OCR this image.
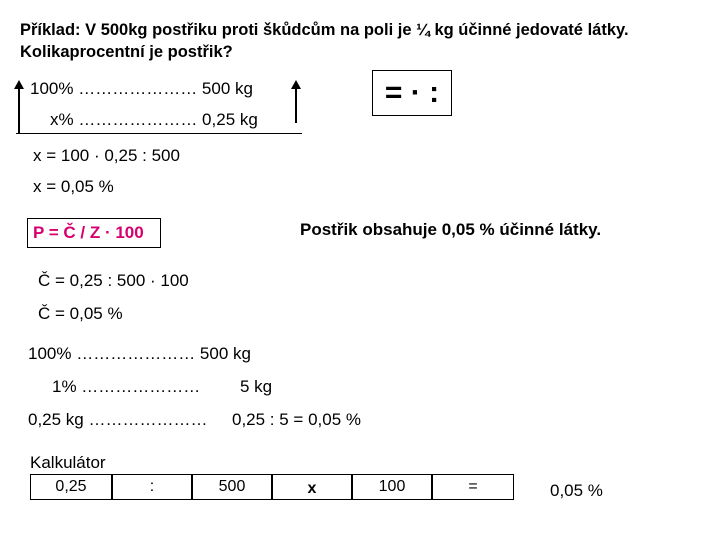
Příklad: V 500kg postřiku proti škůdcům na poli je ¼ kg účinné jedovaté látky.
Kolikaprocentní je postřik?
100% ………………… 500 kg
x% ………………… 0,25 kg
= · :
x = 100 · 0,25 : 500
x = 0,05 %
P = Č / Z · 100	Postřik obsahuje 0,05 % účinné látky.
Č = 0,25 : 500 · 100
Č = 0,05 %
100% ………………… 500 kg
1% ………………… 5 kg
0,25 kg ………………… 0,25 : 5 = 0,05 %
Kalkulátor
0,25	:	500	x	100	=	0,05 %
